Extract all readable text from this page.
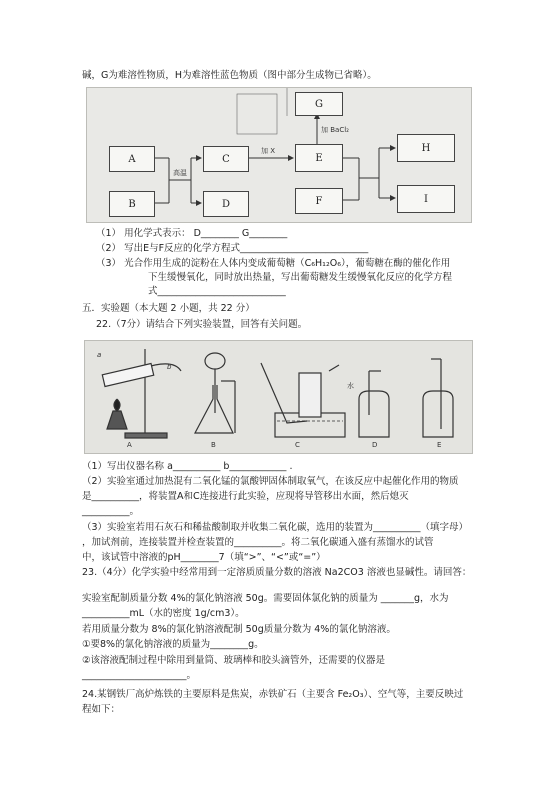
碱，G为难溶性物质，H为难溶性蓝色物质（图中部分生成物已省略）。
A
B
C
D
E
F
G
H
I
高温
加 X
加 BaCl₂
（1） 用化学式表示： D________ G________
（2） 写出E与F反应的化学方程式___________________________
（3） 光合作用生成的淀粉在人体内变成葡萄糖（C₆H₁₂O₆），葡萄糖在酶的催化作用
下生缓慢氧化，同时放出热量，写出葡萄糖发生缓慢氧化反应的化学方程
式___________________________
五．实验题（本大题 2 小题，共 22 分）
22.（7分）请结合下列实验装置，回答有关问题。
a
b
水
A	B	C	D	E
（1）写出仪器名称 a__________ b____________ .
（2）实验室通过加热混有二氧化锰的氯酸钾固体制取氧气，在该反应中起催化作用的物质
是__________，将装置A和C连接进行此实验，应现将导管移出水面，然后熄灭
__________。
（3）实验室若用石灰石和稀盐酸制取并收集二氧化碳，选用的装置为__________（填字母）
，加试剂前，连接装置并检查装置的__________。将二氧化碳通入盛有蒸馏水的试管
中，该试管中溶液的pH________7（填“>”、“<”或“=”）
23.（4分）化学实验中经常用到一定溶质质量分数的溶液 Na2CO3 溶液也显碱性。请回答：
实验室配制质量分数 4%的氯化钠溶液 50g。需要固体氯化钠的质量为 _______g，水为
__________mL（水的密度 1g/cm3）。
若用质量分数为 8%的氯化钠溶液配制 50g质量分数为 4%的氯化钠溶液。
①要8%的氯化钠溶液的质量为________g。
②该溶液配制过程中除用到量筒、玻璃棒和胶头滴管外，还需要的仪器是
______________________。
24.某钢铁厂高炉炼铁的主要原料是焦炭，赤铁矿石（主要含 Fe₂O₃）、空气等，主要反映过
程如下：
